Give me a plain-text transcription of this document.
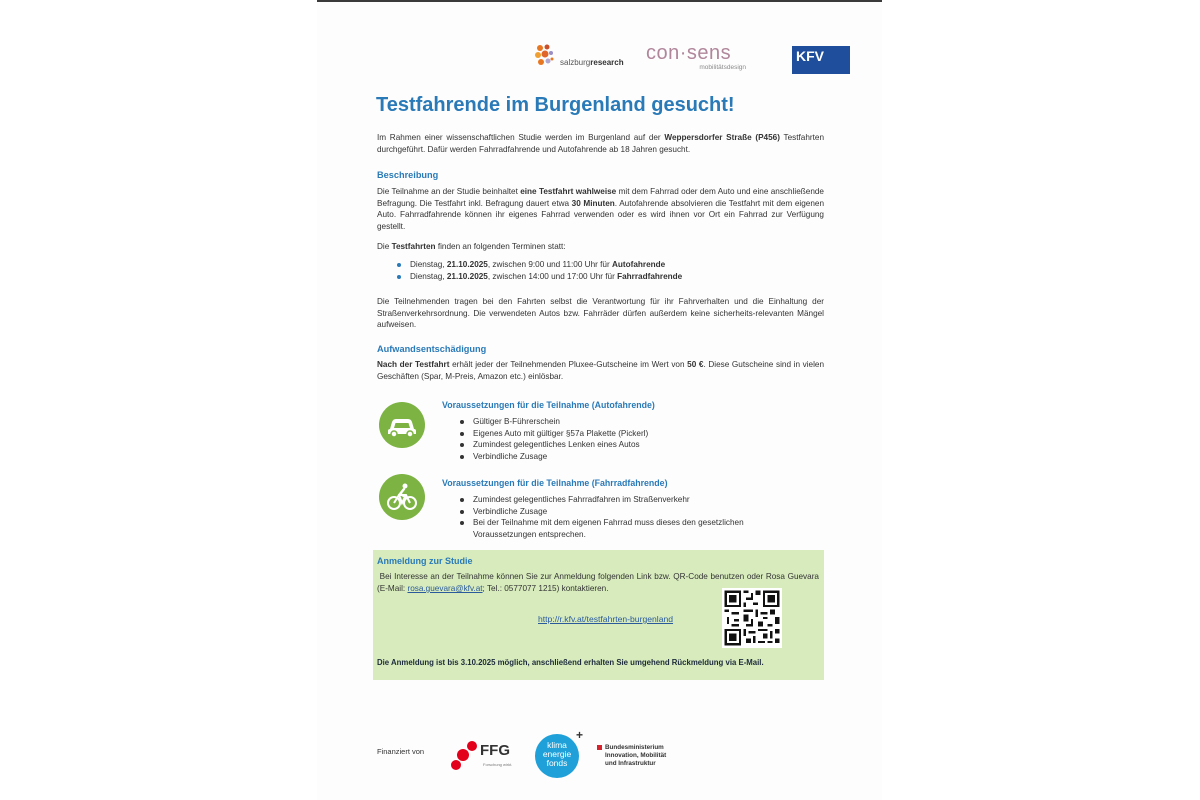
salzburgresearch con·sens
mobilitätsdesign
KFV
Testfahrende im Burgenland gesucht!

Im Rahmen einer wissenschaftlichen Studie werden im Burgenland auf der Weppersdorfer Straße (P456) Testfahrten durchgeführt. Dafür werden Fahrradfahrende und Autofahrende ab 18 Jahren gesucht.

Beschreibung

Die Teilnahme an der Studie beinhaltet eine Testfahrt wahlweise mit dem Fahrrad oder dem Auto und eine anschließende Befragung. Die Testfahrt inkl. Befragung dauert etwa 30 Minuten. Autofahrende absolvieren die Testfahrt mit dem eigenen Auto. Fahrradfahrende können ihr eigenes Fahrrad verwenden oder es wird ihnen vor Ort ein Fahrrad zur Verfügung gestellt.

Die Testfahrten finden an folgenden Terminen statt:

Dienstag, 21.10.2025, zwischen 9:00 und 11:00 Uhr für Autofahrende
Dienstag, 21.10.2025, zwischen 14:00 und 17:00 Uhr für Fahrradfahrende

Die Teilnehmenden tragen bei den Fahrten selbst die Verantwortung für ihr Fahrverhalten und die Einhaltung der Straßenverkehrsordnung. Die verwendeten Autos bzw. Fahrräder dürfen außerdem keine sicherheits-relevanten Mängel aufweisen.

Aufwandsentschädigung

Nach der Testfahrt erhält jeder der Teilnehmenden Pluxee-Gutscheine im Wert von 50 €. Diese Gutscheine sind in vielen Geschäften (Spar, M-Preis, Amazon etc.) einlösbar.

Voraussetzungen für die Teilnahme (Autofahrende)
Gültiger B-Führerschein
Eigenes Auto mit gültiger §57a Plakette (Pickerl)
Zumindest gelegentliches Lenken eines Autos
Verbindliche Zusage
Voraussetzungen für die Teilnahme (Fahrradfahrende)
Zumindest gelegentliches Fahrradfahren im Straßenverkehr
Verbindliche Zusage
Bei der Teilnahme mit dem eigenen Fahrrad muss dieses den gesetzlichen Voraussetzungen entsprechen.
Anmeldung zur Studie

Bei Interesse an der Teilnahme können Sie zur Anmeldung folgenden Link bzw. QR-Code benutzen oder Rosa Guevara (E-Mail: rosa.guevara@kfv.at; Tel.: 0577077 1215) kontaktieren.

http://r.kfv.at/testfahrten-burgenland
Die Anmeldung ist bis 3.10.2025 möglich, anschließend erhalten Sie umgehend Rückmeldung via E-Mail.
Finanziert von	FFG
Forschung wirkt.
klima
energie
fonds
+
Bundesministerium
Innovation, Mobilität
und Infrastruktur
